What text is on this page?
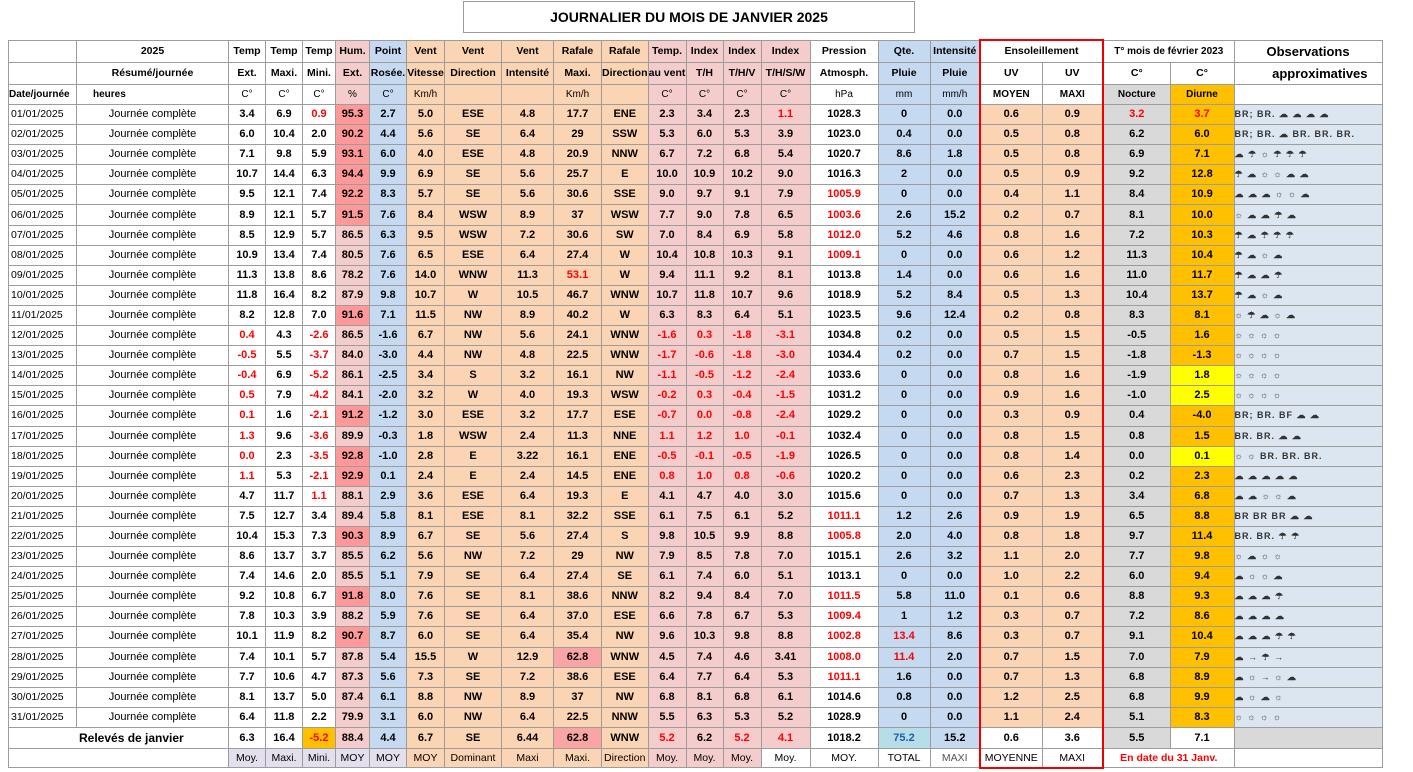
JOURNALIER DU MOIS DE JANVIER 2025
	2025	Temp	Temp	Temp	Hum.	Point	Vent	Vent	Vent	Rafale	Rafale	Temp.	Index	Index	Index	Pression	Qte.	Intensité	Ensoleillement		T° mois de février 2023		Observations
	Résumé/journée	Ext.	Maxi.	Mini.	Ext.	Rosée.	Vitesse	Direction	Intensité	Maxi.	Direction	au vent	T/H	T/H/V	T/H/S/W	Atmosph.	Pluie	Pluie	UV	UV	C°	C°	approximatives
Date/journée	heures	C°	C°	C°	%	C°	Km/h			Km/h		C°	C°	C°	C°	hPa	mm	mm/h	MOYEN	MAXI	Nocture	Diurne	
01/01/2025	Journée complète	3.4	6.9	0.9	95.3	2.7	5.0	ESE	4.8	17.7	ENE	2.3	3.4	2.3	1.1	1028.3	0	0.0	0.6	0.9	3.2	3.7	BR; BR. ☁ ☁ ☁ ☁
02/01/2025	Journée complète	6.0	10.4	2.0	90.2	4.4	5.6	SE	6.4	29	SSW	5.3	6.0	5.3	3.9	1023.0	0.4	0.0	0.5	0.8	6.2	6.0	BR; BR. ☁ BR. BR. BR.
03/01/2025	Journée complète	7.1	9.8	5.9	93.1	6.0	4.0	ESE	4.8	20.9	NNW	6.7	7.2	6.8	5.4	1020.7	8.6	1.8	0.5	0.8	6.9	7.1	☁ ☂ ☼ ☂ ☂ ☂
04/01/2025	Journée complète	10.7	14.4	6.3	94.4	9.9	6.9	SE	5.6	25.7	E	10.0	10.9	10.2	9.0	1016.3	2	0.0	0.5	0.9	9.2	12.8	☂ ☁ ☼ ☼ ☁ ☁
05/01/2025	Journée complète	9.5	12.1	7.4	92.2	8.3	5.7	SE	5.6	30.6	SSE	9.0	9.7	9.1	7.9	1005.9	0	0.0	0.4	1.1	8.4	10.9	☁ ☁ ☁ ☼ ☼ ☁
06/01/2025	Journée complète	8.9	12.1	5.7	91.5	7.6	8.4	WSW	8.9	37	WSW	7.7	9.0	7.8	6.5	1003.6	2.6	15.2	0.2	0.7	8.1	10.0	☼ ☁ ☁ ☂ ☁
07/01/2025	Journée complète	8.5	12.9	5.7	86.5	6.3	9.5	WSW	7.2	30.6	SW	7.0	8.4	6.9	5.8	1012.0	5.2	4.6	0.8	1.6	7.2	10.3	☂ ☁ ☂ ☂ ☂
08/01/2025	Journée complète	10.9	13.4	7.4	80.5	7.6	6.5	ESE	6.4	27.4	W	10.4	10.8	10.3	9.1	1009.1	0	0.0	0.6	1.2	11.3	10.4	☂ ☁ ☼ ☁
09/01/2025	Journée complète	11.3	13.8	8.6	78.2	7.6	14.0	WNW	11.3	53.1	W	9.4	11.1	9.2	8.1	1013.8	1.4	0.0	0.6	1.6	11.0	11.7	☂ ☁ ☁ ☂
10/01/2025	Journée complète	11.8	16.4	8.2	87.9	9.8	10.7	W	10.5	46.7	WNW	10.7	11.8	10.7	9.6	1018.9	5.2	8.4	0.5	1.3	10.4	13.7	☂ ☁ ☼ ☁
11/01/2025	Journée complète	8.2	12.8	7.0	91.6	7.1	11.5	NW	8.9	40.2	W	6.3	8.3	6.4	5.1	1023.5	9.6	12.4	0.2	0.8	8.3	8.1	☼ ☂ ☁ ☼ ☁
12/01/2025	Journée complète	0.4	4.3	-2.6	86.5	-1.6	6.7	NW	5.6	24.1	WNW	-1.6	0.3	-1.8	-3.1	1034.8	0.2	0.0	0.5	1.5	-0.5	1.6	☼ ☼ ☼ ☼
13/01/2025	Journée complète	-0.5	5.5	-3.7	84.0	-3.0	4.4	NW	4.8	22.5	WNW	-1.7	-0.6	-1.8	-3.0	1034.4	0.2	0.0	0.7	1.5	-1.8	-1.3	☼ ☼ ☼ ☼
14/01/2025	Journée complète	-0.4	6.9	-5.2	86.1	-2.5	3.4	S	3.2	16.1	NW	-1.1	-0.5	-1.2	-2.4	1033.6	0	0.0	0.8	1.6	-1.9	1.8	☼ ☼ ☼ ☼
15/01/2025	Journée complète	0.5	7.9	-4.2	84.1	-2.0	3.2	W	4.0	19.3	WSW	-0.2	0.3	-0.4	-1.5	1031.2	0	0.0	0.9	1.6	-1.0	2.5	☼ ☼ ☼ ☼
16/01/2025	Journée complète	0.1	1.6	-2.1	91.2	-1.2	3.0	ESE	3.2	17.7	ESE	-0.7	0.0	-0.8	-2.4	1029.2	0	0.0	0.3	0.9	0.4	-4.0	BR; BR. BF ☁ ☁
17/01/2025	Journée complète	1.3	9.6	-3.6	89.9	-0.3	1.8	WSW	2.4	11.3	NNE	1.1	1.2	1.0	-0.1	1032.4	0	0.0	0.8	1.5	0.8	1.5	BR. BR. ☁ ☁
18/01/2025	Journée complète	0.0	2.3	-3.5	92.8	-1.0	2.8	E	3.22	16.1	ENE	-0.5	-0.1	-0.5	-1.9	1026.5	0	0.0	0.8	1.4	0.0	0.1	☼ ☼ BR. BR. BR.
19/01/2025	Journée complète	1.1	5.3	-2.1	92.9	0.1	2.4	E	2.4	14.5	ENE	0.8	1.0	0.8	-0.6	1020.2	0	0.0	0.6	2.3	0.2	2.3	☁ ☁ ☁ ☁ ☁
20/01/2025	Journée complète	4.7	11.7	1.1	88.1	2.9	3.6	ESE	6.4	19.3	E	4.1	4.7	4.0	3.0	1015.6	0	0.0	0.7	1.3	3.4	6.8	☁ ☁ ☼ ☼ ☁
21/01/2025	Journée complète	7.5	12.7	3.4	89.4	5.8	8.1	ESE	8.1	32.2	SSE	6.1	7.5	6.1	5.2	1011.1	1.2	2.6	0.9	1.9	6.5	8.8	BR BR BR ☁ ☁
22/01/2025	Journée complète	10.4	15.3	7.3	90.3	8.9	6.7	SE	5.6	27.4	S	9.8	10.5	9.9	8.8	1005.8	2.0	4.0	0.8	1.8	9.7	11.4	BR. BR. ☂ ☂
23/01/2025	Journée complète	8.6	13.7	3.7	85.5	6.2	5.6	NW	7.2	29	NW	7.9	8.5	7.8	7.0	1015.1	2.6	3.2	1.1	2.0	7.7	9.8	☼ ☁ ☼ ☼
24/01/2025	Journée complète	7.4	14.6	2.0	85.5	5.1	7.9	SE	6.4	27.4	SE	6.1	7.4	6.0	5.1	1013.1	0	0.0	1.0	2.2	6.0	9.4	☁ ☼ ☼ ☁
25/01/2025	Journée complète	9.2	10.8	6.7	91.8	8.0	7.6	SE	8.1	38.6	NNW	8.2	9.4	8.4	7.0	1011.5	5.8	11.0	0.1	0.6	8.8	9.3	☁ ☁ ☁ ☂
26/01/2025	Journée complète	7.8	10.3	3.9	88.2	5.9	7.6	SE	6.4	37.0	ESE	6.6	7.8	6.7	5.3	1009.4	1	1.2	0.3	0.7	7.2	8.6	☁ ☁ ☁ ☁
27/01/2025	Journée complète	10.1	11.9	8.2	90.7	8.7	6.0	SE	6.4	35.4	NW	9.6	10.3	9.8	8.8	1002.8	13.4	8.6	0.3	0.7	9.1	10.4	☁ ☁ ☁ ☂ ☂
28/01/2025	Journée complète	7.4	10.1	5.7	87.8	5.4	15.5	W	12.9	62.8	WNW	4.5	7.4	4.6	3.41	1008.0	11.4	2.0	0.7	1.5	7.0	7.9	☁ → ☂ →
29/01/2025	Journée complète	7.7	10.6	4.7	87.3	5.6	7.3	SE	7.2	38.6	ESE	6.4	7.7	6.4	5.3	1011.1	1.6	0.0	0.7	1.3	6.8	8.9	☁ ☼ → ☼ ☁
30/01/2025	Journée complète	8.1	13.7	5.0	87.4	6.1	8.8	NW	8.9	37	NW	6.8	8.1	6.8	6.1	1014.6	0.8	0.0	1.2	2.5	6.8	9.9	☁ ☼ ☁ ☼
31/01/2025	Journée complète	6.4	11.8	2.2	79.9	3.1	6.0	NW	6.4	22.5	NNW	5.5	6.3	5.3	5.2	1028.9	0	0.0	1.1	2.4	5.1	8.3	☼ ☼ ☼ ☼
Relevés de janvier		6.3	16.4	-5.2	88.4	4.4	6.7	SE	6.44	62.8	WNW	5.2	6.2	5.2	4.1	1018.2	75.2	15.2	0.6	3.6	5.5	7.1	
		Moy.	Maxi.	Mini.	MOY	MOY	MOY	Dominant	Maxi	Maxi.	Direction	Moy.	Moy.	Moy.	Moy.	MOY.	TOTAL	MAXI	MOYENNE	MAXI	En date du 31 Janv.		
